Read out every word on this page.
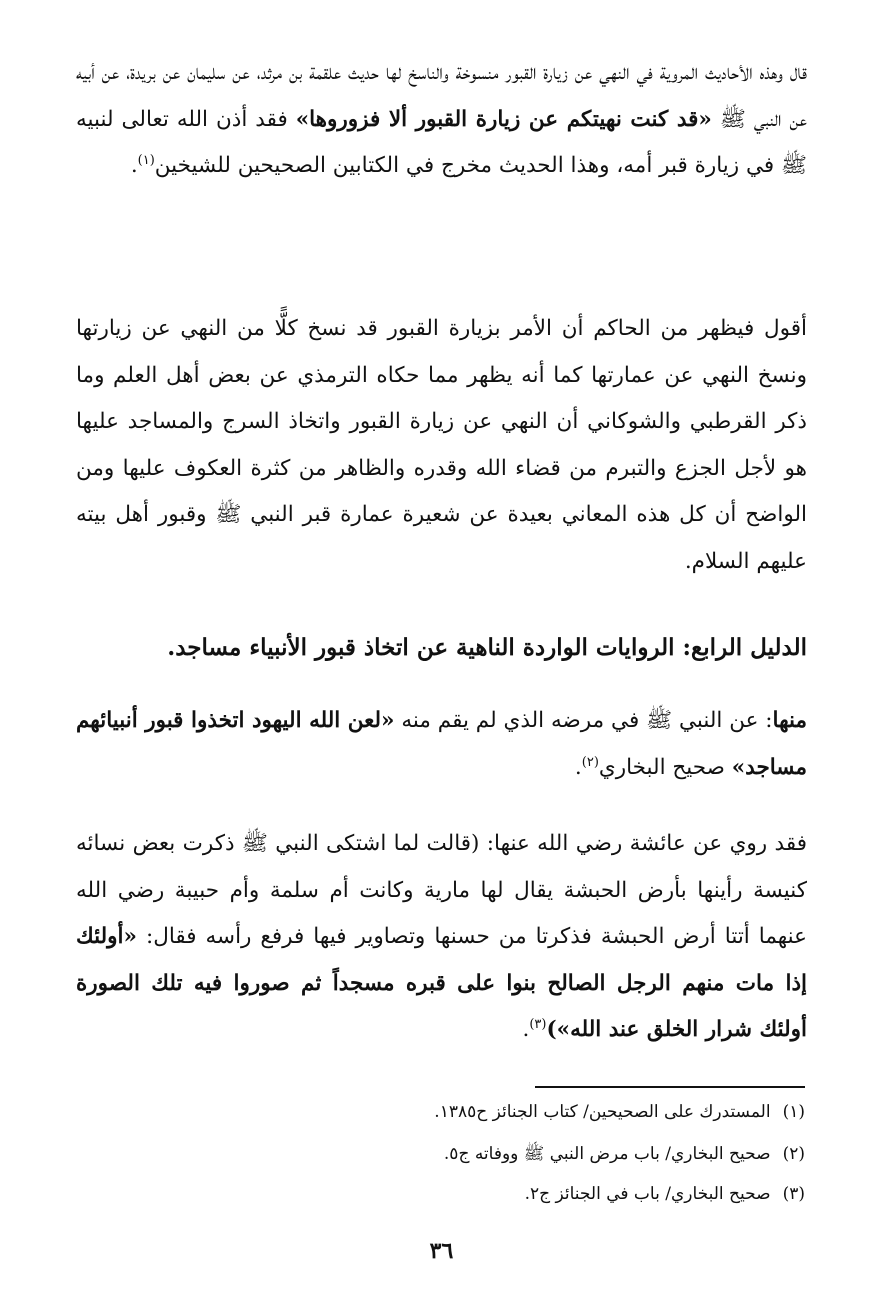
قال وهذه الأحاديث المروية في النهي عن زيارة القبور منسوخة والناسخ لها حديث علقمة بن مرثد، عن سليمان عن بريدة، عن أبيه عن النبي ﷺ «قد كنت نهيتكم عن زيارة القبور ألا فزوروها» فقد أذن الله تعالى لنبيه ﷺ في زيارة قبر أمه، وهذا الحديث مخرج في الكتابين الصحيحين للشيخين$^{(١)}$.

أقول فيظهر من الحاكم أن الأمر بزيارة القبور قد نسخ كلًّا من النهي عن زيارتها ونسخ النهي عن عمارتها كما أنه يظهر مما حكاه الترمذي عن بعض أهل العلم وما ذكر القرطبي والشوكاني أن النهي عن زيارة القبور واتخاذ السرج والمساجد عليها هو لأجل الجزع والتبرم من قضاء الله وقدره والظاهر من كثرة العكوف عليها ومن الواضح أن كل هذه المعاني بعيدة عن شعيرة عمارة قبر النبي ﷺ وقبور أهل بيته عليهم السلام.

الدليل الرابع: الروايات الواردة الناهية عن اتخاذ قبور الأنبياء مساجد.

منها: عن النبي ﷺ في مرضه الذي لم يقم منه «لعن الله اليهود اتخذوا قبور أنبيائهم مساجد» صحيح البخاري$^{(٢)}$.

فقد روي عن عائشة رضي الله عنها: (قالت لما اشتكى النبي ﷺ ذكرت بعض نسائه كنيسة رأينها بأرض الحبشة يقال لها مارية وكانت أم سلمة وأم حبيبة رضي الله عنهما أتتا أرض الحبشة فذكرتا من حسنها وتصاوير فيها فرفع رأسه فقال: «أولئك إذا مات منهم الرجل الصالح بنوا على قبره مسجداً ثم صوروا فيه تلك الصورة أولئك شرار الخلق عند الله»)$^{(٣)}$.

(١)المستدرك على الصحيحين/ كتاب الجنائز ح١٣٨٥.

(٢)صحيح البخاري/ باب مرض النبي ﷺ ووفاته ج٥.

(٣)صحيح البخاري/ باب في الجنائز ج٢.

٣٦
